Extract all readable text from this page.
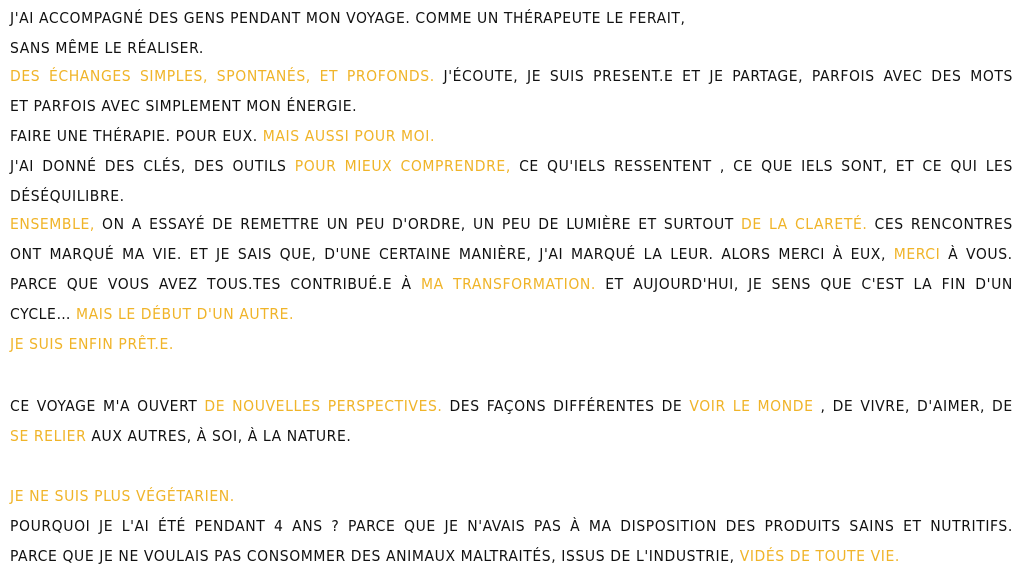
J'AI ACCOMPAGNÉ DES GENS PENDANT MON VOYAGE. COMME UN THÉRAPEUTE LE FERAIT,
SANS MÊME LE RÉALISER.
DES ÉCHANGES SIMPLES, SPONTANÉS, ET PROFONDS. J'ÉCOUTE, JE SUIS PRESENT.E ET JE PARTAGE, PARFOIS AVEC DES MOTS
ET PARFOIS AVEC SIMPLEMENT MON ÉNERGIE.
FAIRE UNE THÉRAPIE. POUR EUX. MAIS AUSSI POUR MOI.
J'AI DONNÉ DES CLÉS, DES OUTILS POUR MIEUX COMPRENDRE, CE QU'IELS RESSENTENT , CE QUE IELS SONT, ET CE QUI LES
DÉSÉQUILIBRE.
ENSEMBLE, ON A ESSAYÉ DE REMETTRE UN PEU D'ORDRE, UN PEU DE LUMIÈRE ET SURTOUT DE LA CLARETÉ. CES RENCONTRES
ONT MARQUÉ MA VIE. ET JE SAIS QUE, D'UNE CERTAINE MANIÈRE, J'AI MARQUÉ LA LEUR. ALORS MERCI À EUX, MERCI À VOUS.
PARCE QUE VOUS AVEZ TOUS.TES CONTRIBUÉ.E À MA TRANSFORMATION. ET AUJOURD'HUI, JE SENS QUE C'EST LA FIN D'UN
CYCLE… MAIS LE DÉBUT D'UN AUTRE.
JE SUIS ENFIN PRÊT.E.
CE VOYAGE M'A OUVERT DE NOUVELLES PERSPECTIVES. DES FAÇONS DIFFÉRENTES DE VOIR LE MONDE , DE VIVRE, D'AIMER, DE
SE RELIER AUX AUTRES, À SOI, À LA NATURE.
JE NE SUIS PLUS VÉGÉTARIEN.
POURQUOI JE L'AI ÉTÉ PENDANT 4 ANS ? PARCE QUE JE N'AVAIS PAS À MA DISPOSITION DES PRODUITS SAINS ET NUTRITIFS.
PARCE QUE JE NE VOULAIS PAS CONSOMMER DES ANIMAUX MALTRAITÉS, ISSUS DE L'INDUSTRIE, VIDÉS DE TOUTE VIE.
